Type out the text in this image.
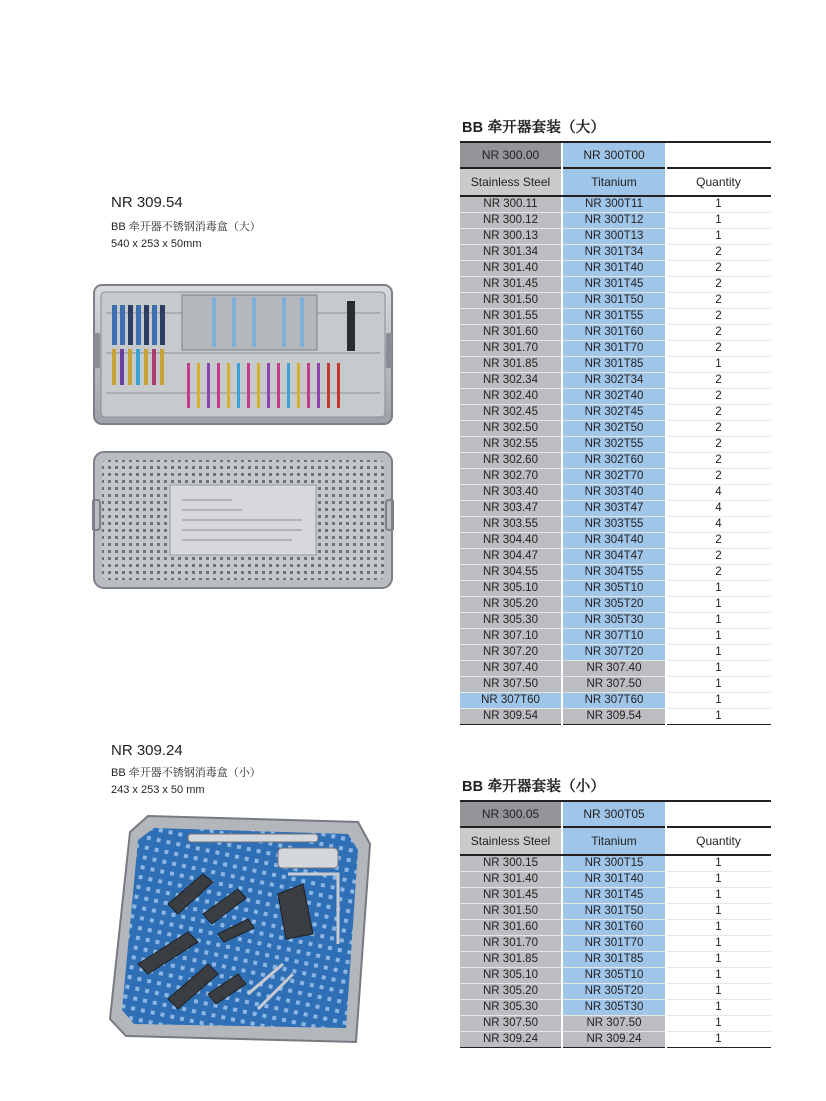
NR 309.54
BB 牵开器不锈钢消毒盒（大）
540 x 253 x 50mm
NR 309.24
BB 牵开器不锈钢消毒盒（小）
243 x 253 x 50 mm
BB 牵开器套装（大）
NR 300.00	NR 300T00	
Stainless Steel	Titanium	Quantity
NR 300.11	NR 300T11	1
NR 300.12	NR 300T12	1
NR 300.13	NR 300T13	1
NR 301.34	NR 301T34	2
NR 301.40	NR 301T40	2
NR 301.45	NR 301T45	2
NR 301.50	NR 301T50	2
NR 301.55	NR 301T55	2
NR 301.60	NR 301T60	2
NR 301.70	NR 301T70	2
NR 301.85	NR 301T85	1
NR 302.34	NR 302T34	2
NR 302.40	NR 302T40	2
NR 302.45	NR 302T45	2
NR 302.50	NR 302T50	2
NR 302.55	NR 302T55	2
NR 302.60	NR 302T60	2
NR 302.70	NR 302T70	2
NR 303.40	NR 303T40	4
NR 303.47	NR 303T47	4
NR 303.55	NR 303T55	4
NR 304.40	NR 304T40	2
NR 304.47	NR 304T47	2
NR 304.55	NR 304T55	2
NR 305.10	NR 305T10	1
NR 305.20	NR 305T20	1
NR 305.30	NR 305T30	1
NR 307.10	NR 307T10	1
NR 307.20	NR 307T20	1
NR 307.40	NR 307.40	1
NR 307.50	NR 307.50	1
NR 307T60	NR 307T60	1
NR 309.54	NR 309.54	1
BB 牵开器套装（小）
NR 300.05	NR 300T05	
Stainless Steel	Titanium	Quantity
NR 300.15	NR 300T15	1
NR 301.40	NR 301T40	1
NR 301.45	NR 301T45	1
NR 301.50	NR 301T50	1
NR 301.60	NR 301T60	1
NR 301.70	NR 301T70	1
NR 301.85	NR 301T85	1
NR 305.10	NR 305T10	1
NR 305.20	NR 305T20	1
NR 305.30	NR 305T30	1
NR 307.50	NR 307.50	1
NR 309.24	NR 309.24	1
